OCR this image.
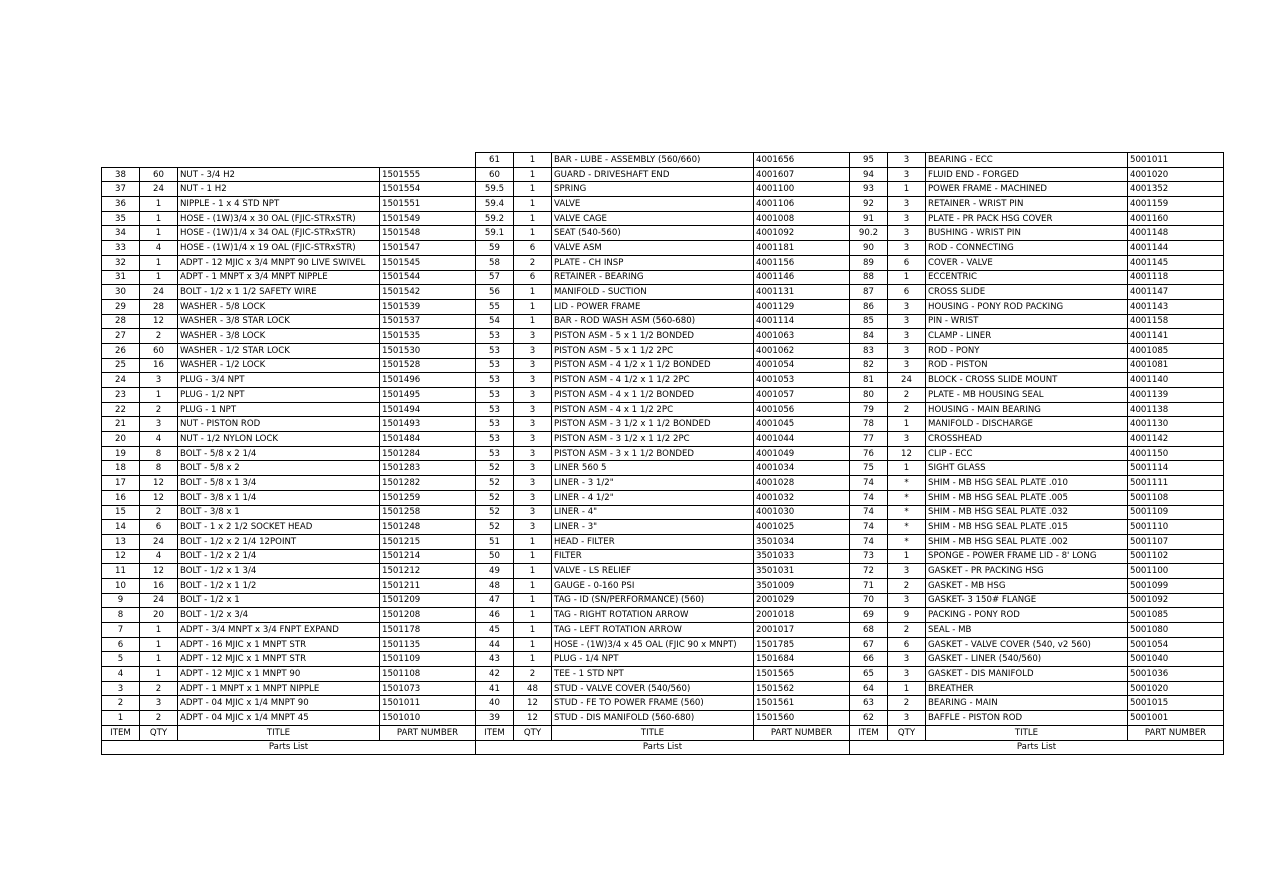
				61	1	BAR - LUBE - ASSEMBLY (560/660)	4001656	95	3	BEARING - ECC	5001011
38	60	NUT - 3/4 H2	1501555	60	1	GUARD - DRIVESHAFT END	4001607	94	3	FLUID END - FORGED	4001020
37	24	NUT - 1 H2	1501554	59.5	1	SPRING	4001100	93	1	POWER FRAME - MACHINED	4001352
36	1	NIPPLE - 1 x 4 STD NPT	1501551	59.4	1	VALVE	4001106	92	3	RETAINER - WRIST PIN	4001159
35	1	HOSE - (1W)3/4 x 30 OAL (FJIC-STRxSTR)	1501549	59.2	1	VALVE CAGE	4001008	91	3	PLATE - PR PACK HSG COVER	4001160
34	1	HOSE - (1W)1/4 x 34 OAL (FJIC-STRxSTR)	1501548	59.1	1	SEAT (540-560)	4001092	90.2	3	BUSHING - WRIST PIN	4001148
33	4	HOSE - (1W)1/4 x 19 OAL (FJIC-STRxSTR)	1501547	59	6	VALVE ASM	4001181	90	3	ROD - CONNECTING	4001144
32	1	ADPT - 12 MJIC x 3/4 MNPT 90 LIVE SWIVEL	1501545	58	2	PLATE - CH INSP	4001156	89	6	COVER - VALVE	4001145
31	1	ADPT - 1 MNPT x 3/4 MNPT NIPPLE	1501544	57	6	RETAINER - BEARING	4001146	88	1	ECCENTRIC	4001118
30	24	BOLT - 1/2 x 1 1/2 SAFETY WIRE	1501542	56	1	MANIFOLD - SUCTION	4001131	87	6	CROSS SLIDE	4001147
29	28	WASHER - 5/8 LOCK	1501539	55	1	LID - POWER FRAME	4001129	86	3	HOUSING - PONY ROD PACKING	4001143
28	12	WASHER - 3/8 STAR LOCK	1501537	54	1	BAR - ROD WASH ASM (560-680)	4001114	85	3	PIN - WRIST	4001158
27	2	WASHER - 3/8 LOCK	1501535	53	3	PISTON ASM - 5 x 1 1/2 BONDED	4001063	84	3	CLAMP - LINER	4001141
26	60	WASHER - 1/2 STAR LOCK	1501530	53	3	PISTON ASM - 5 x 1 1/2 2PC	4001062	83	3	ROD - PONY	4001085
25	16	WASHER - 1/2 LOCK	1501528	53	3	PISTON ASM - 4 1/2 x 1 1/2 BONDED	4001054	82	3	ROD - PISTON	4001081
24	3	PLUG - 3/4 NPT	1501496	53	3	PISTON ASM - 4 1/2 x 1 1/2 2PC	4001053	81	24	BLOCK - CROSS SLIDE MOUNT	4001140
23	1	PLUG - 1/2 NPT	1501495	53	3	PISTON ASM - 4 x 1 1/2 BONDED	4001057	80	2	PLATE - MB HOUSING SEAL	4001139
22	2	PLUG - 1 NPT	1501494	53	3	PISTON ASM - 4 x 1 1/2 2PC	4001056	79	2	HOUSING - MAIN BEARING	4001138
21	3	NUT - PISTON ROD	1501493	53	3	PISTON ASM - 3 1/2 x 1 1/2 BONDED	4001045	78	1	MANIFOLD - DISCHARGE	4001130
20	4	NUT - 1/2 NYLON LOCK	1501484	53	3	PISTON ASM - 3 1/2 x 1 1/2 2PC	4001044	77	3	CROSSHEAD	4001142
19	8	BOLT - 5/8 x 2 1/4	1501284	53	3	PISTON ASM - 3 x 1 1/2 BONDED	4001049	76	12	CLIP - ECC	4001150
18	8	BOLT - 5/8 x 2	1501283	52	3	LINER 560 5	4001034	75	1	SIGHT GLASS	5001114
17	12	BOLT - 5/8 x 1 3/4	1501282	52	3	LINER - 3 1/2"	4001028	74	*	SHIM - MB HSG SEAL PLATE .010	5001111
16	12	BOLT - 3/8 x 1 1/4	1501259	52	3	LINER - 4 1/2"	4001032	74	*	SHIM - MB HSG SEAL PLATE .005	5001108
15	2	BOLT - 3/8 x 1	1501258	52	3	LINER - 4"	4001030	74	*	SHIM - MB HSG SEAL PLATE .032	5001109
14	6	BOLT - 1 x 2 1/2 SOCKET HEAD	1501248	52	3	LINER - 3"	4001025	74	*	SHIM - MB HSG SEAL PLATE .015	5001110
13	24	BOLT - 1/2 x 2 1/4 12POINT	1501215	51	1	HEAD - FILTER	3501034	74	*	SHIM - MB HSG SEAL PLATE .002	5001107
12	4	BOLT - 1/2 x 2 1/4	1501214	50	1	FILTER	3501033	73	1	SPONGE - POWER FRAME LID - 8' LONG	5001102
11	12	BOLT - 1/2 x 1 3/4	1501212	49	1	VALVE - LS RELIEF	3501031	72	3	GASKET - PR PACKING HSG	5001100
10	16	BOLT - 1/2 x 1 1/2	1501211	48	1	GAUGE - 0-160 PSI	3501009	71	2	GASKET - MB HSG	5001099
9	24	BOLT - 1/2 x 1	1501209	47	1	TAG - ID (SN/PERFORMANCE) (560)	2001029	70	3	GASKET- 3 150# FLANGE	5001092
8	20	BOLT - 1/2 x 3/4	1501208	46	1	TAG - RIGHT ROTATION ARROW	2001018	69	9	PACKING - PONY ROD	5001085
7	1	ADPT - 3/4 MNPT x 3/4 FNPT EXPAND	1501178	45	1	TAG - LEFT ROTATION ARROW	2001017	68	2	SEAL - MB	5001080
6	1	ADPT - 16 MJIC x 1 MNPT STR	1501135	44	1	HOSE - (1W)3/4 x 45 OAL (FJIC 90 x MNPT)	1501785	67	6	GASKET - VALVE COVER (540, v2 560)	5001054
5	1	ADPT - 12 MJIC x 1 MNPT STR	1501109	43	1	PLUG - 1/4 NPT	1501684	66	3	GASKET - LINER (540/560)	5001040
4	1	ADPT - 12 MJIC x 1 MNPT 90	1501108	42	2	TEE - 1 STD NPT	1501565	65	3	GASKET - DIS MANIFOLD	5001036
3	2	ADPT - 1 MNPT x 1 MNPT NIPPLE	1501073	41	48	STUD - VALVE COVER (540/560)	1501562	64	1	BREATHER	5001020
2	3	ADPT - 04 MJIC x 1/4 MNPT 90	1501011	40	12	STUD - FE TO POWER FRAME (560)	1501561	63	2	BEARING - MAIN	5001015
1	2	ADPT - 04 MJIC x 1/4 MNPT 45	1501010	39	12	STUD - DIS MANIFOLD (560-680)	1501560	62	3	BAFFLE - PISTON ROD	5001001
ITEM	QTY	TITLE	PART NUMBER	ITEM	QTY	TITLE	PART NUMBER	ITEM	QTY	TITLE	PART NUMBER
Parts List				Parts List				Parts List			
